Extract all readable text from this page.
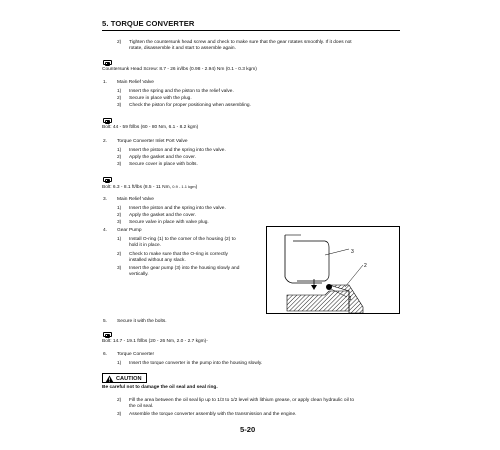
5. TORQUE CONVERTER
2) Tighten the countersunk head screw and check to make sure that the gear rotates smoothly. If it does not
rotate, disassemble it and start to assemble again.
Countersunk Head Screw: 8.7 - 26 in/lbs (0.98 - 2.94) Nm (0.1 - 0.3 kgm)
1. Main Relief Valve
1) Insert the spring and the piston to the relief valve.
2) Secure in place with the plug.
3) Check the piston for proper positioning when assembling.
Bolt: 44 - 59 ft/lbs (60 - 80 Nm, 6.1 - 8.2 kgm)
2. Torque Converter Inlet Port Valve
1) Insert the piston and the spring into the valve.
2) Apply the gasket and the cover.
3) Secure cover in place with bolts.
Bolt: 6.3 - 8.1 ft/lbs (8.5 - 11 Nm, 0.9 - 1.1 kgm)
3. Main Relief Valve
1) Insert the piston and the spring into the valve.
2) Apply the gasket and the cover.
3) Secure valve in place with valve plug.
4. Gear Pump
1) Install O-ring (1) to the corner of the housing (2) to
hold it in place.
2) Check to make sure that the O-ring is correctly
installed without any slack.
3) Insert the gear pump (3) into the housing slowly and
vertically.
3
2
1
5. Secure it with the bolts.
Bolt: 14.7 - 19.1 ft/lbs (20 - 26 Nm, 2.0 - 2.7 kgm)-
6. Torque Converter
1) Insert the torque converter in the pump into the housing slowly.
CAUTION
Be careful not to damage the oil seal and seal ring.
2) Fill the area between the oil seal lip up to 1/3 to 1/2 level with lithium grease, or apply clean hydraulic oil to
the oil seal.
3) Assemble the torque converter assembly with the transmission and the engine.
5-20
